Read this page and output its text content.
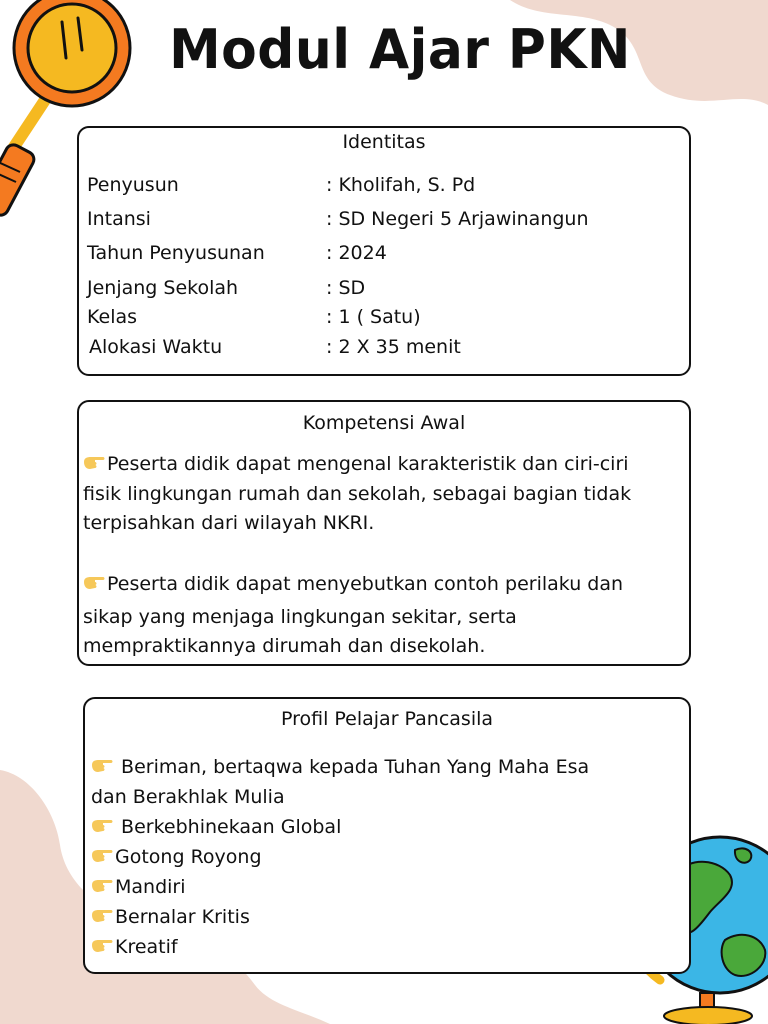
Modul Ajar PKN
Identitas
Penyusun	: Kholifah, S. Pd
Intansi	: SD Negeri 5 Arjawinangun
Tahun Penyusunan	: 2024
Jenjang Sekolah	: SD
Kelas	: 1 ( Satu)
Alokasi Waktu	: 2 X 35 menit
Kompetensi Awal
Peserta didik dapat mengenal karakteristik dan ciri-ciri
fisik lingkungan rumah dan sekolah, sebagai bagian tidak
terpisahkan dari wilayah NKRI.
Peserta didik dapat menyebutkan contoh perilaku dan
sikap yang menjaga lingkungan sekitar, serta
mempraktikannya dirumah dan disekolah.
Profil Pelajar Pancasila
Beriman, bertaqwa kepada Tuhan Yang Maha Esa
dan Berakhlak Mulia
Berkebhinekaan Global
Gotong Royong
Mandiri
Bernalar Kritis
Kreatif
